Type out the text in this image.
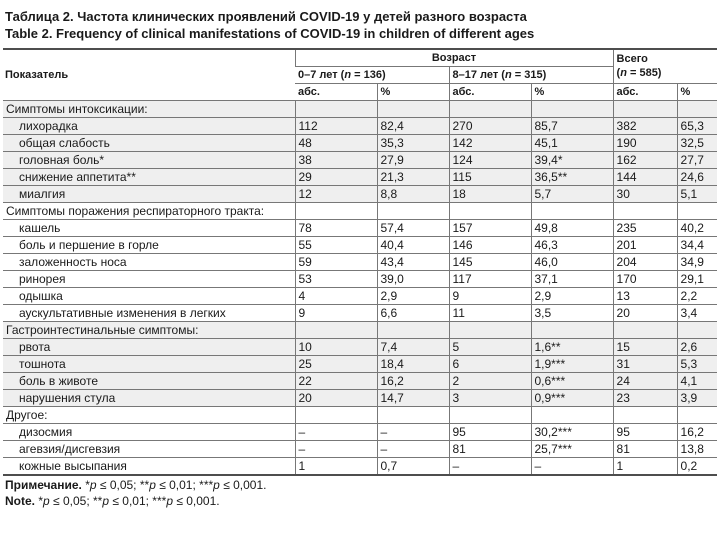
Таблица 2. Частота клинических проявлений COVID-19 у детей разного возраста
Table 2. Frequency of clinical manifestations of COVID-19 in children of different ages
Показатель	Возраст				Всего
(n = 585)	
	0–7 лет (n = 136)		8–17 лет (n = 315)			
	абс.	%	абс.	%	абс.	%
Симптомы интоксикации:						
лихорадка	112	82,4	270	85,7	382	65,3
общая слабость	48	35,3	142	45,1	190	32,5
головная боль*	38	27,9	124	39,4*	162	27,7
снижение аппетита**	29	21,3	115	36,5**	144	24,6
миалгия	12	8,8	18	5,7	30	5,1
Симптомы поражения респираторного тракта:						
кашель	78	57,4	157	49,8	235	40,2
боль и першение в горле	55	40,4	146	46,3	201	34,4
заложенность носа	59	43,4	145	46,0	204	34,9
ринорея	53	39,0	117	37,1	170	29,1
одышка	4	2,9	9	2,9	13	2,2
аускультативные изменения в легких	9	6,6	11	3,5	20	3,4
Гастроинтестинальные симптомы:						
рвота	10	7,4	5	1,6**	15	2,6
тошнота	25	18,4	6	1,9***	31	5,3
боль в животе	22	16,2	2	0,6***	24	4,1
нарушения стула	20	14,7	3	0,9***	23	3,9
Другое:						
дизосмия	–	–	95	30,2***	95	16,2
агевзия/дисгевзия	–	–	81	25,7***	81	13,8
кожные высыпания	1	0,7	–	–	1	0,2
Примечание. *p ≤ 0,05; **p ≤ 0,01; ***p ≤ 0,001.
Note. *p ≤ 0,05; **p ≤ 0,01; ***p ≤ 0,001.
